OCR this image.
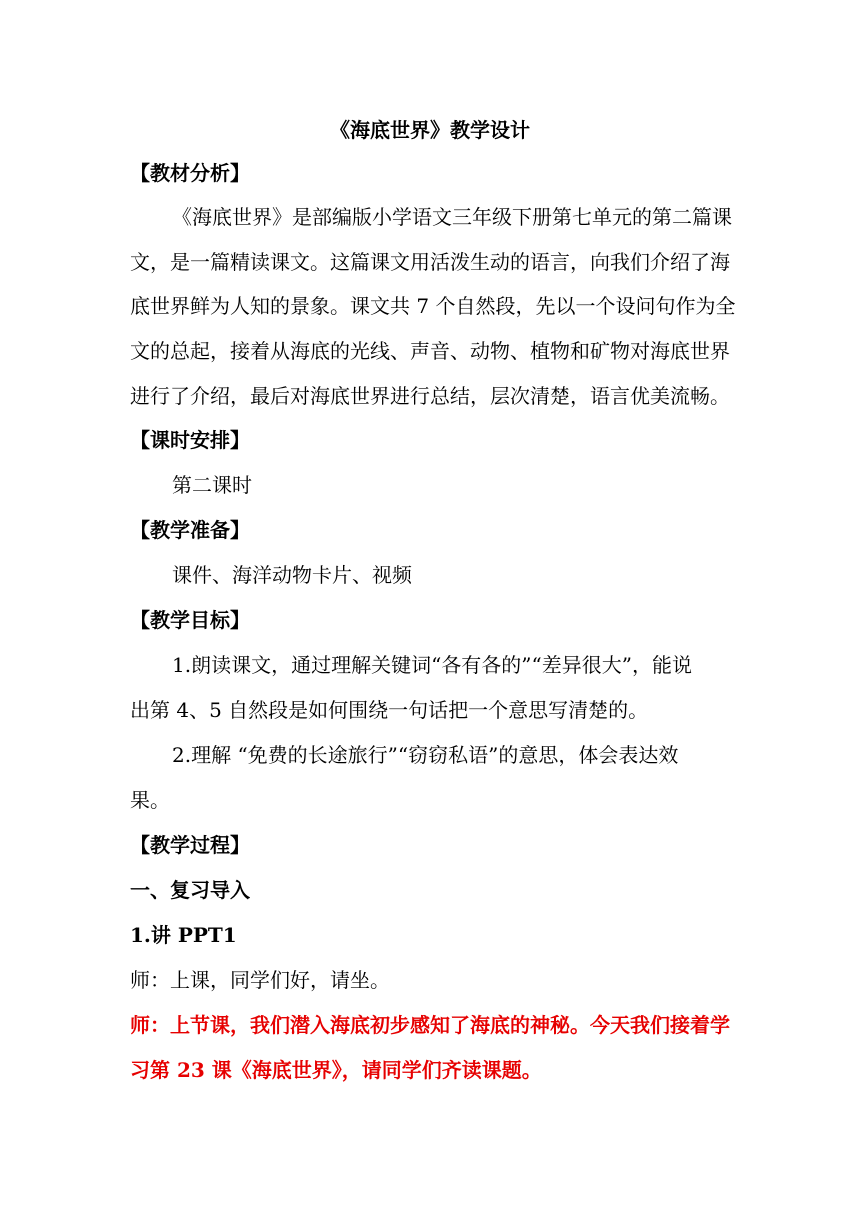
《海底世界》教学设计
【教材分析】
《海底世界》是部编版小学语文三年级下册第七单元的第二篇课
文，是一篇精读课文。这篇课文用活泼生动的语言，向我们介绍了海
底世界鲜为人知的景象。课文共 7 个自然段，先以一个设问句作为全
文的总起，接着从海底的光线、声音、动物、植物和矿物对海底世界
进行了介绍，最后对海底世界进行总结，层次清楚，语言优美流畅。
【课时安排】
第二课时
【教学准备】
课件、海洋动物卡片、视频
【教学目标】
1.朗读课文，通过理解关键词“各有各的”“差异很大”，能说
出第 4、5 自然段是如何围绕一句话把一个意思写清楚的。
2.理解 “免费的长途旅行”“窃窃私语”的意思，体会表达效
果。
【教学过程】
一、复习导入
1.讲 PPT1
师：上课，同学们好，请坐。
师：上节课，我们潜入海底初步感知了海底的神秘。今天我们接着学
习第 23 课《海底世界》，请同学们齐读课题。
